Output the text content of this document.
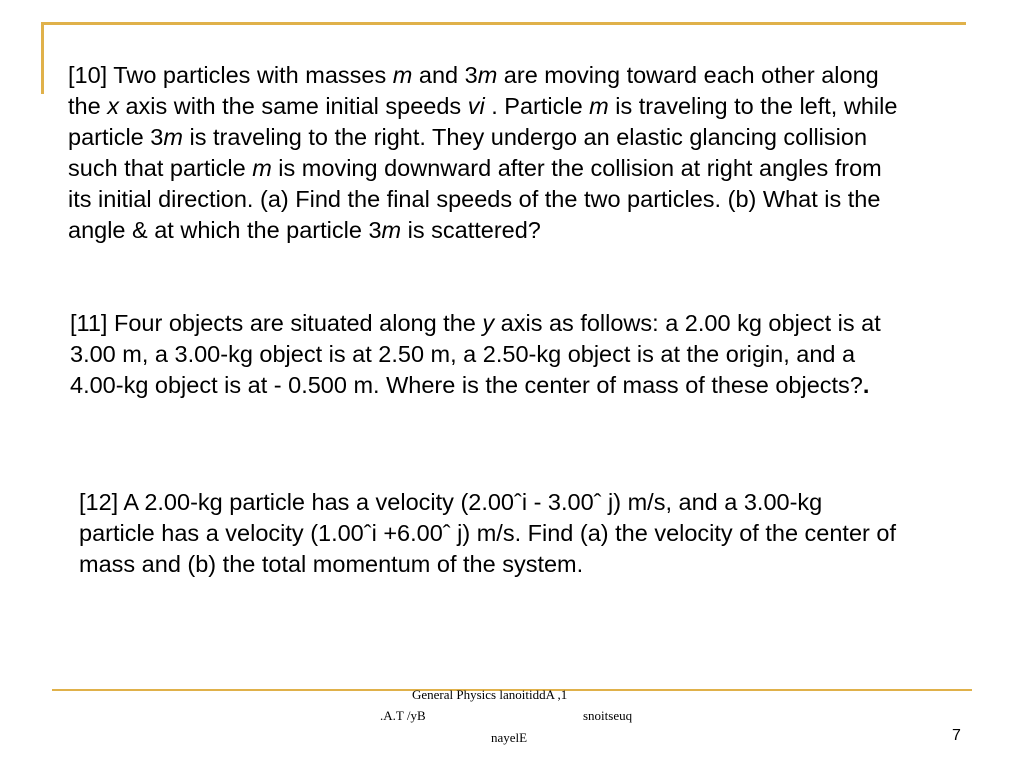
[10] Two particles with masses m and 3m are moving toward each other along
the x axis with the same initial speeds vi . Particle m is traveling to the left, while
particle 3m is traveling to the right. They undergo an elastic glancing collision
such that particle m is moving downward after the collision at right angles from
its initial direction. (a) Find the final speeds of the two particles. (b) What is the
angle & at which the particle 3m is scattered?
[11] Four objects are situated along the y axis as follows: a 2.00 kg object is at
3.00 m, a 3.00-kg object is at 2.50 m, a 2.50-kg object is at the origin, and a
4.00-kg object is at - 0.500 m. Where is the center of mass of these objects?.
[12] A 2.00-kg particle has a velocity (2.00ˆi - 3.00ˆ j) m/s, and a 3.00-kg
particle has a velocity (1.00ˆi +6.00ˆ j) m/s. Find (a) the velocity of the center of
mass and (b) the total momentum of the system.
General Physics lanoitiddA ,1
.A.T /yB	snoitseuq
nayelE	7
